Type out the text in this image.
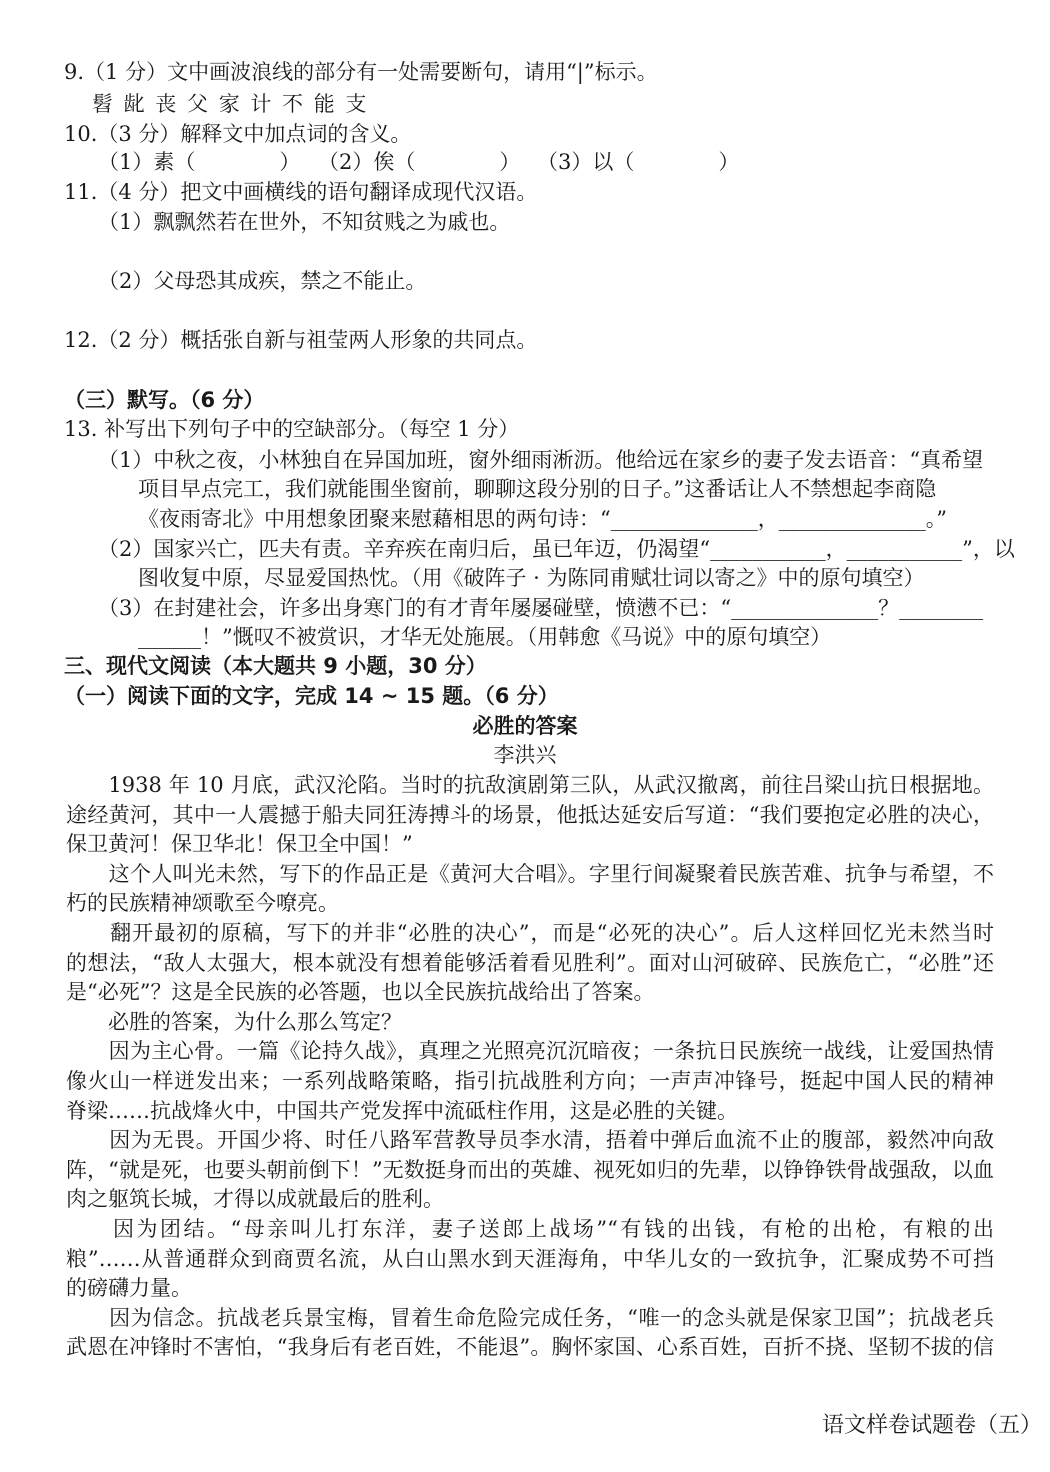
9.（1 分）文中画波浪线的部分有一处需要断句，请用“|”标示。
髫 龀 丧 父 家 计 不 能 支
10.（3 分）解释文中加点词的含义。
（1）素（　　　　） （2）俟（　　　　） （3）以（　　　　）
11.（4 分）把文中画横线的语句翻译成现代汉语。
（1）飘飘然若在世外，不知贫贱之为戚也。
（2）父母恐其成疾，禁之不能止。
12.（2 分）概括张自新与祖莹两人形象的共同点。
（三）默写。（6 分）
13. 补写出下列句子中的空缺部分。（每空 1 分）
（1）中秋之夜，小林独自在异国加班，窗外细雨淅沥。他给远在家乡的妻子发去语音：“真希望
项目早点完工，我们就能围坐窗前，聊聊这段分别的日子。”这番话让人不禁想起李商隐
《夜雨寄北》中用想象团聚来慰藉相思的两句诗：“______________，______________。”
（2）国家兴亡，匹夫有责。辛弃疾在南归后，虽已年迈，仍渴望“___________，___________”，以
图收复中原，尽显爱国热忱。（用《破阵子 · 为陈同甫赋壮词以寄之》中的原句填空）
（3）在封建社会，许多出身寒门的有才青年屡屡碰壁，愤懑不已：“______________？________
______！”慨叹不被赏识，才华无处施展。（用韩愈《马说》中的原句填空）
三、现代文阅读（本大题共 9 小题，30 分）
（一）阅读下面的文字，完成 14 ~ 15 题。（6 分）
必胜的答案
李洪兴
　　1938 年 10 月底，武汉沦陷。当时的抗敌演剧第三队，从武汉撤离，前往吕梁山抗日根据地。
途经黄河，其中一人震撼于船夫同狂涛搏斗的场景，他抵达延安后写道：“我们要抱定必胜的决心，
保卫黄河！保卫华北！保卫全中国！”
　　这个人叫光未然，写下的作品正是《黄河大合唱》。字里行间凝聚着民族苦难、抗争与希望，不
朽的民族精神颂歌至今嘹亮。
　　翻开最初的原稿，写下的并非“必胜的决心”，而是“必死的决心”。后人这样回忆光未然当时
的想法，“敌人太强大，根本就没有想着能够活着看见胜利”。面对山河破碎、民族危亡，“必胜”还
是“必死”？这是全民族的必答题，也以全民族抗战给出了答案。
　　必胜的答案，为什么那么笃定？
　　因为主心骨。一篇《论持久战》，真理之光照亮沉沉暗夜；一条抗日民族统一战线，让爱国热情
像火山一样迸发出来；一系列战略策略，指引抗战胜利方向；一声声冲锋号，挺起中国人民的精神
脊梁……抗战烽火中，中国共产党发挥中流砥柱作用，这是必胜的关键。
　　因为无畏。开国少将、时任八路军营教导员李水清，捂着中弹后血流不止的腹部，毅然冲向敌
阵，“就是死，也要头朝前倒下！”无数挺身而出的英雄、视死如归的先辈，以铮铮铁骨战强敌，以血
肉之躯筑长城，才得以成就最后的胜利。
　　因为团结。“母亲叫儿打东洋，妻子送郎上战场”“有钱的出钱，有枪的出枪，有粮的出
粮”……从普通群众到商贾名流，从白山黑水到天涯海角，中华儿女的一致抗争，汇聚成势不可挡
的磅礴力量。
　　因为信念。抗战老兵景宝梅，冒着生命危险完成任务，“唯一的念头就是保家卫国”；抗战老兵
武恩在冲锋时不害怕，“我身后有老百姓，不能退”。胸怀家国、心系百姓，百折不挠、坚韧不拔的信
语文样卷试题卷（五）
